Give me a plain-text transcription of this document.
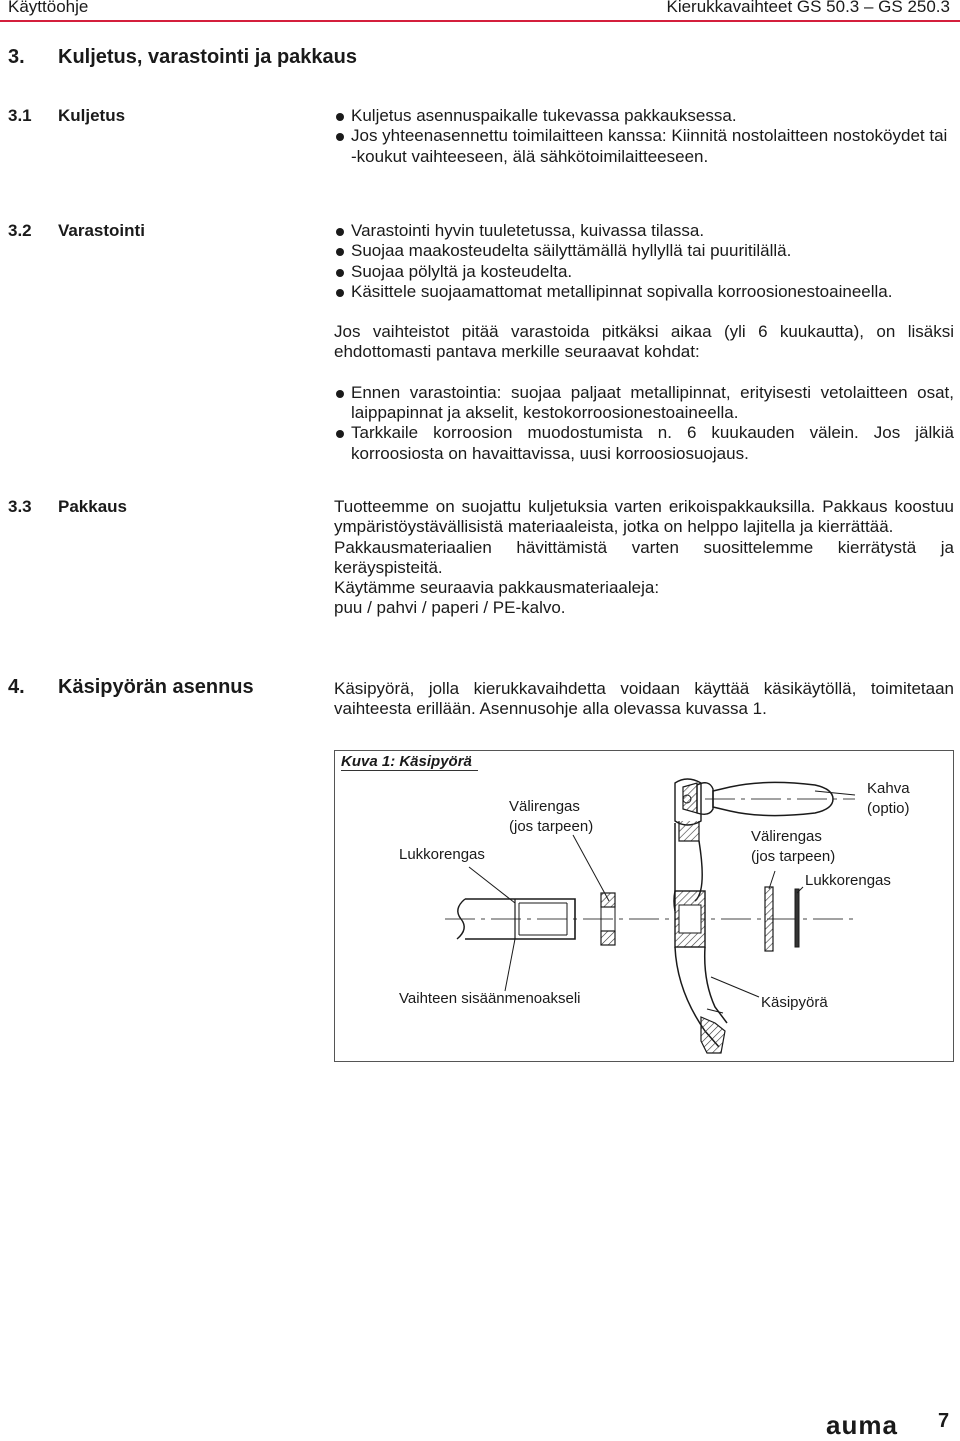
Käyttöohje	Kierukkavaihteet GS 50.3 – GS 250.3
3. Kuljetus, varastointi ja pakkaus
3.1 Kuljetus	Kuljetus asennuspaikalle tukevassa pakkauksessa.
Jos yhteenasennettu toimilaitteen kanssa: Kiinnitä nostolaitteen nostoköydet tai -koukut vaihteeseen, älä sähkötoimilaitteeseen.
3.2 Varastointi	Varastointi hyvin tuuletetussa, kuivassa tilassa.
Suojaa maakosteudelta säilyttämällä hyllyllä tai puuritilällä.
Suojaa pölyltä ja kosteudelta.
Käsittele suojaamattomat metallipinnat sopivalla korroosionestoaineella.

Jos vaihteistot pitää varastoida pitkäksi aikaa (yli 6 kuukautta), on lisäksi ehdottomasti pantava merkille seuraavat kohdat:

Ennen varastointia: suojaa paljaat metallipinnat, erityisesti vetolaitteen osat, laippapinnat ja akselit, kestokorroosionestoaineella.
Tarkkaile korroosion muodostumista n. 6 kuukauden välein. Jos jälkiä korroosiosta on havaittavissa, uusi korroosiosuojaus.
3.3 Pakkaus	Tuotteemme on suojattu kuljetuksia varten erikoispakkauksilla. Pakkaus koostuu ympäristöystävällisistä materiaaleista, jotka on helppo lajitella ja kierrättää.

Pakkausmateriaalien hävittämistä varten suosittelemme kierrätystä ja keräyspisteitä.

Käytämme seuraavia pakkausmateriaaleja:

puu / pahvi / paperi / PE-kalvo.

4. Käsipyörän asennus	Käsipyörä, jolla kierukkavaihdetta voidaan käyttää käsikäytöllä, toimitetaan vaihteesta erillään. Asennusohje alla olevassa kuvassa 1.

Kuva 1: Käsipyörä
Lukkorengas
Välirengas
(jos tarpeen)
Kahva
(optio)
Välirengas
(jos tarpeen)
Lukkorengas
Vaihteen sisäänmenoakseli	Käsipyörä
auma 7
